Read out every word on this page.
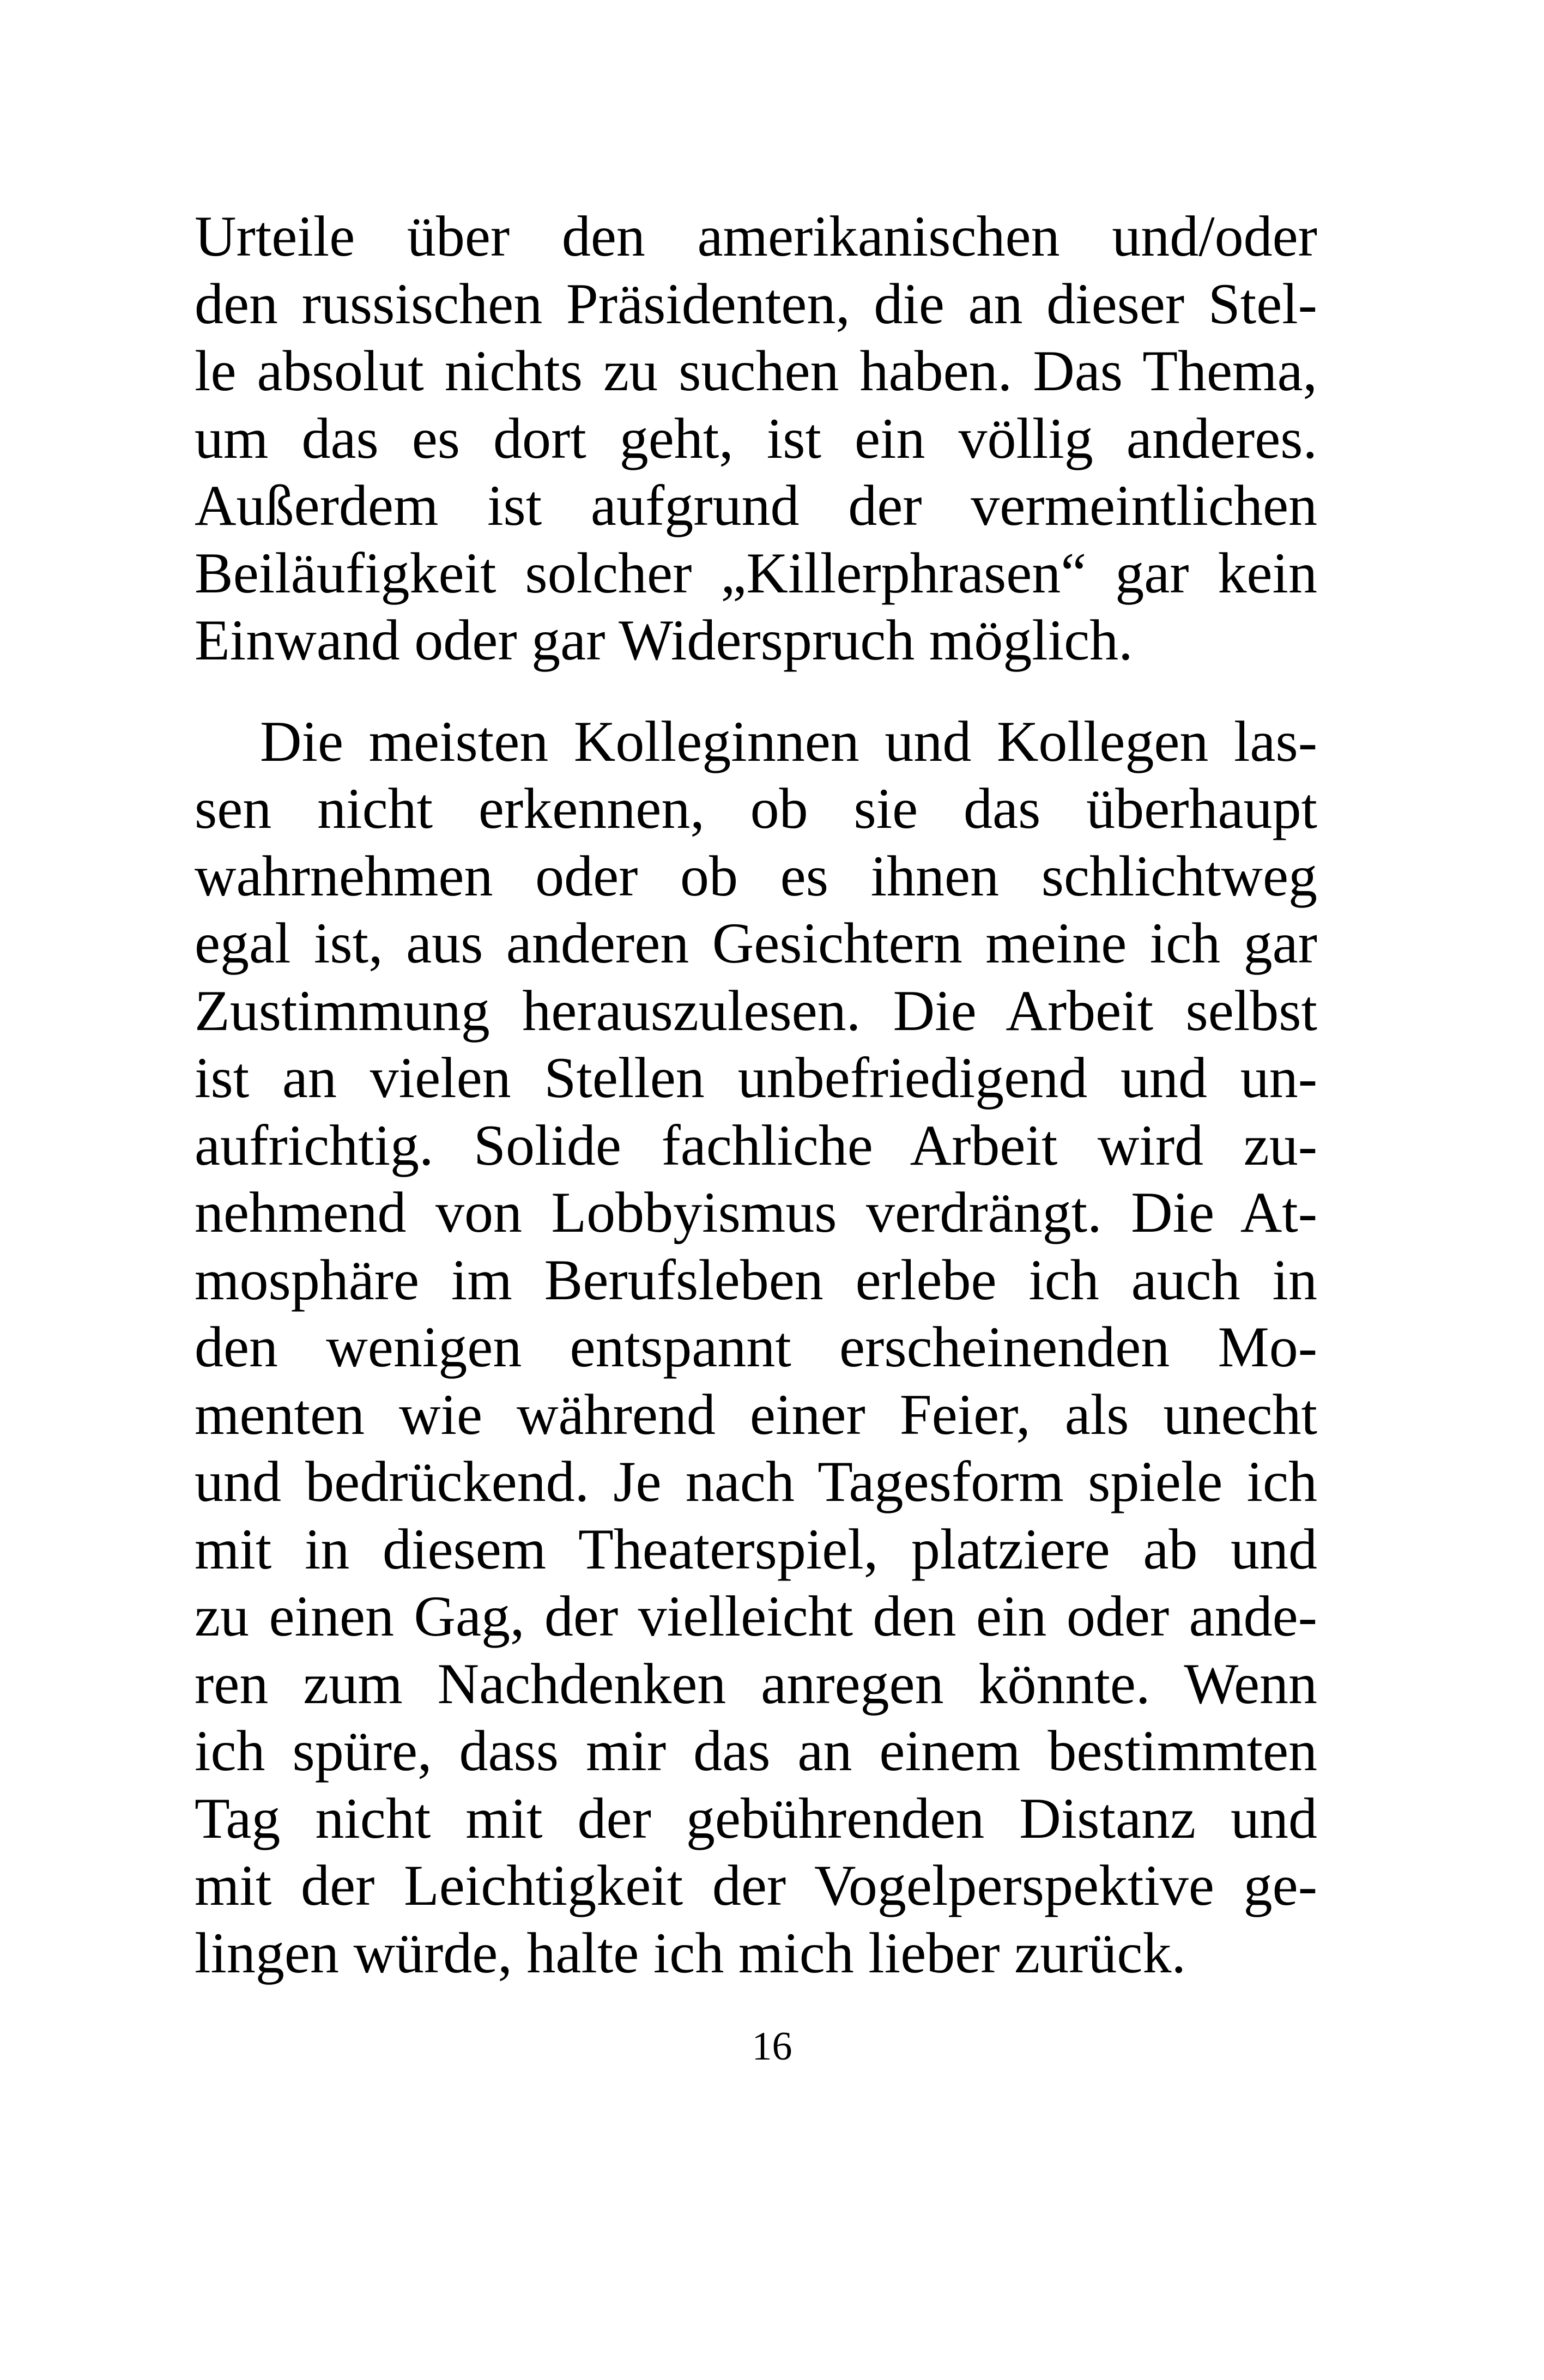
Urteile über den amerikanischen und/oder
den russischen Präsidenten, die an dieser Stel-
le absolut nichts zu suchen haben. Das Thema,
um das es dort geht, ist ein völlig anderes.
Außerdem ist aufgrund der vermeintlichen
Beiläufigkeit solcher „Killerphrasen“ gar kein
Einwand oder gar Widerspruch möglich.
Die meisten Kolleginnen und Kollegen las-
sen nicht erkennen, ob sie das überhaupt
wahrnehmen oder ob es ihnen schlichtweg
egal ist, aus anderen Gesichtern meine ich gar
Zustimmung herauszulesen. Die Arbeit selbst
ist an vielen Stellen unbefriedigend und un-
aufrichtig. Solide fachliche Arbeit wird zu-
nehmend von Lobbyismus verdrängt. Die At-
mosphäre im Berufsleben erlebe ich auch in
den wenigen entspannt erscheinenden Mo-
menten wie während einer Feier, als unecht
und bedrückend. Je nach Tagesform spiele ich
mit in diesem Theaterspiel, platziere ab und
zu einen Gag, der vielleicht den ein oder ande-
ren zum Nachdenken anregen könnte. Wenn
ich spüre, dass mir das an einem bestimmten
Tag nicht mit der gebührenden Distanz und
mit der Leichtigkeit der Vogelperspektive ge-
lingen würde, halte ich mich lieber zurück.
16
